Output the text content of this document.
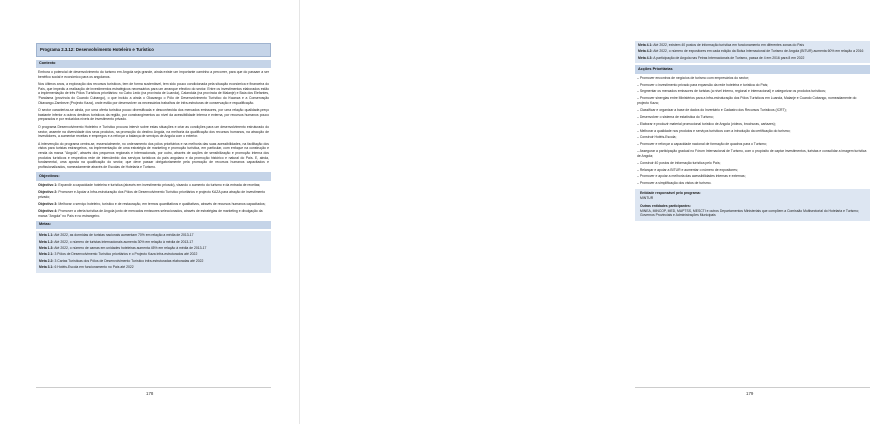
Programa 2.3.12: Desenvolvimento Hoteleiro e Turístico
Contexto

Embora o potencial de desenvolvimento do turismo em Angola seja grande, ainda existe um importante caminho a percorrer, para que do passam a ser benéfico social e económico para os angolanos.

Nos últimos anos, a exploração dos recursos turísticos, tem de forma sustentável, tem sido pouco condicionada pela situação económica e financeira do País, que impediu a realização de investimentos estratégicos necessários para um arranque efectivo do sector. Entre os investimentos elaborados estão a implementação de três Pólos Turísticos prioritários: no Cabo Ledo (na província de Luanda), Calandula (na província de Malanje) e Baía dos Elefantes, 'Paralama (província do Cuando Cubango), o que incluiu a ainda o Okavango o Pólo de Desenvolvimento Turístico do Kwanza e a Conservação Okavango-Zambeze (Projecto Kaza), onde estão por desenvolver os necessários trabalhos de infra-estruturas de conservação e requalificação.

O sector caracteriza-se ainda, por uma oferta turística pouco diversificada e desconhecida dos mercados emissores, por uma relação qualidade-preço bastante inferior a outros destinos turísticos da região, por constrangimentos ao nível da acessibilidade interna e externa, por recursos humanos pouco preparados e por reduzidos níveis de investimento privado.

O programa Desenvolvimento Hoteleiro e Turístico procura intervir sobre estas situações e criar as condições para um desenvolvimento estruturado do sector, assente na diversidade dos seus produtos, na promoção do destino Angola, na melhoria da qualificação dos recursos humanos, na atracção de investidores, a aumentar receitas e empregos e a reforçar a balança de serviços de Angola com o exterior.

A intervenção do programa centra-se, essencialmente, no ordenamento dos pólos prioritários e na melhoria das suas acessibilidades, na facilitação dos vistos para turistas estrangeiros, na implementação de uma estratégia de marketing e promoção turística, em particular, com enfoque na construção e venda da marca "Angola", através dos pequenos regionais e internacionais, por outro, através de acções de sensibilização e promoção interna dos produtos turísticos e respectiva rede de intercâmbio dos serviços turísticos do país angolano e da promoção histórico e natural do País. E, ainda, fundamental, uma aposta na qualificação do sector, que deve passar obrigatoriamente pela promoção de recursos humanos capacitados e profissionalizados, nomeadamente através de Escolas de Hotelaria e Turismo.

Objectivos:

Objectivo 1: Expandir a capacidade hoteleira e turística (através em investimento privado), visando o aumento do turismo e da entrada de receitas;

Objectivo 2: Promover e Apoiar a Infra-estruturação dos Pólos de Desenvolvimento Turístico prioritários e projecto KAZA para atração de investimento privado;

Objectivo 3: Melhorar o serviço hoteleiro, turístico e de restauração, em termos quantitativos e qualitativos, através de recursos humanos capacitados;

Objectivo 4: Promover a oferta turística de Angola junto de mercados emissores seleccionados, através de estratégias de marketing e divulgação da marca "Angola" no País e no estrangeiro.

Metas:

Meta 1.1: Até 2022, as dormidas de turistas nacionais aumentam 70% em relação a média de 2013-17

Meta 1.2: Até 2022, o número de turistas internacionais aumenta 30% em relação à média de 2013-17

Meta 1.3: Até 2022, o número de camas em unidades hoteleiras aumenta 45% em relação à média de 2013-17

Meta 2.1: 3 Pólos de Desenvolvimento Turístico prioritários e o Projecto Kaza infra-estruturados até 2022

Meta 2.2: 3 Cartas Turísticas dos Pólos de Desenvolvimento Turístico infra-estruturadas elaboradas até 2022

Meta 3.1: 6 Hotéis-Escola em funcionamento no País até 2022

178

Meta 4.1: Até 2022, existem 40 postos de informação turística em funcionamento em diferentes zonas do País

Meta 4.2: Até 2022, o número de expositores em cada edição da Bolsa Internacional de Turismo de Angola (BITUR) aumenta 60% em relação a 2016

Meta 4.3: A participação de Angola nas Feiras Internacionais de Turismo, passa de 4 em 2016 para 8 em 2022

Acções Prioritárias

– Promover encontros de negócios de turismo com empresários do sector;

– Promover o investimento privado para expansão da rede hoteleira e turística do País;

– Segmentar os mercados emissores de turistas (a nível interno, regional e internacional) e categorizar os produtos turísticos;

– Promover sinergias entre Ministérios para a infra-estruturação dos Pólos Turísticos em Luanda, Malanje e Cuando Cubango, nomeadamente do projecto Kaza;

– Classificar e organizar a base de dados do Inventário e Cadastro dos Recursos Turísticos (ICRT);

– Desenvolver o sistema de estatística do Turismo;

– Elaborar e produzir material promocional turístico de Angola (vídeos, brochuras, cartazes);

– Melhorar a qualidade nos produtos e serviços turísticos com a introdução da certificação do turismo;

– Construir Hotéis-Escola;

– Promover e reforçar a capacidade nacional de formação de quadros para o Turismo;

– Assegurar a participação gradual no Fórum Internacional de Turismo, com o propósito de captar investimentos, turistas e consolidar a imagem turística de Angola;

– Construir 40 postos de informação turística pelo País;

– Relançar e apoiar a BITUR e aumentar o número de expositores;

– Promover e apoiar a melhoria das acessibilidades internas e externas;

– Promover a simplificação dos vistos de turismo.

Entidade responsável pelo programa:

MINTUR

Outras entidades participantes:

MINEA, MINCOP, MED, MAPTSS, MESCTI e outros Departamentos Ministeriais que compõem a Comissão Multisectorial do Hotelaria e Turismo; Governos Provinciais e Administrações Municipais

179
